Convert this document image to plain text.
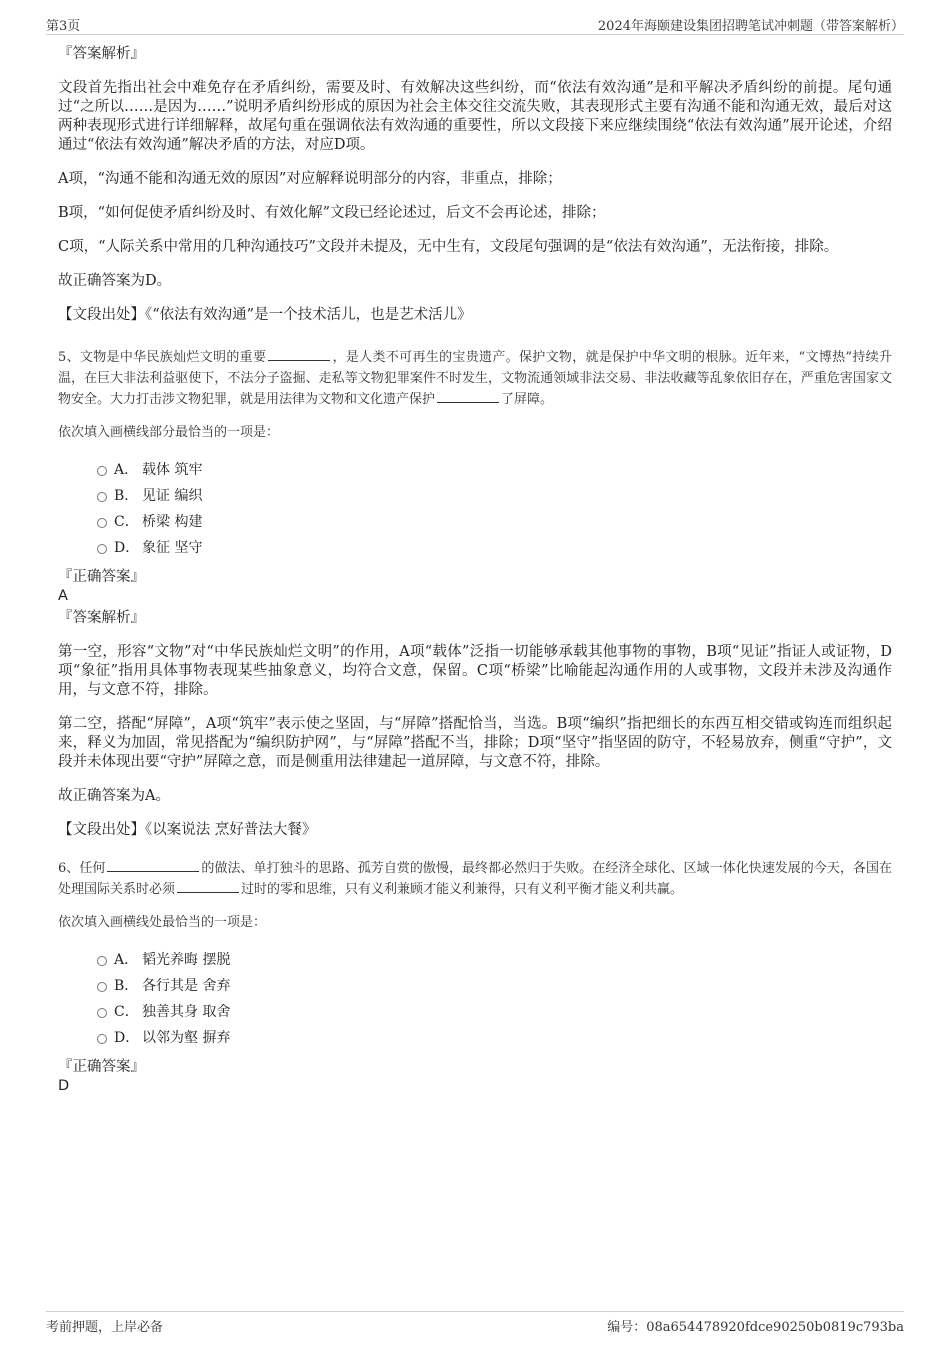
第3页	2024年海颐建设集团招聘笔试冲刺题（带答案解析）

『答案解析』

文段首先指出社会中难免存在矛盾纠纷，需要及时、有效解决这些纠纷，而“依法有效沟通”是和平解决矛盾纠纷的前提。尾句通过“之所以……是因为……”说明矛盾纠纷形成的原因为社会主体交往交流失败，其表现形式主要有沟通不能和沟通无效，最后对这两种表现形式进行详细解释，故尾句重在强调依法有效沟通的重要性，所以文段接下来应继续围绕“依法有效沟通”展开论述，介绍通过“依法有效沟通”解决矛盾的方法，对应D项。

A项，“沟通不能和沟通无效的原因”对应解释说明部分的内容，非重点，排除；

B项，“如何促使矛盾纠纷及时、有效化解”文段已经论述过，后文不会再论述，排除；

C项，“人际关系中常用的几种沟通技巧”文段并未提及，无中生有，文段尾句强调的是“依法有效沟通”，无法衔接，排除。

故正确答案为D。

【文段出处】《“依法有效沟通”是一个技术活儿，也是艺术活儿》

5、文物是中华民族灿烂文明的重要	，是人类不可再生的宝贵遗产。保护文物，就是保护中华文明的根脉。近年来，“文博热”持续升温，在巨大非法利益驱使下，不法分子盗掘、走私等文物犯罪案件不时发生，文物流通领域非法交易、非法收藏等乱象依旧存在，严重危害国家文物安全。大力打击涉文物犯罪，就是用法律为文物和文化遗产保护	了屏障。

依次填入画横线部分最恰当的一项是：

A． 载体 筑牢
B． 见证 编织
C． 桥梁 构建
D． 象征 坚守

『正确答案』

A

『答案解析』

第一空，形容“文物”对“中华民族灿烂文明”的作用，A项“载体”泛指一切能够承载其他事物的事物，B项“见证”指证人或证物，D项“象征”指用具体事物表现某些抽象意义，均符合文意，保留。C项“桥梁”比喻能起沟通作用的人或事物，文段并未涉及沟通作用，与文意不符，排除。

第二空，搭配“屏障”，A项“筑牢”表示使之坚固，与“屏障”搭配恰当，当选。B项“编织”指把细长的东西互相交错或钩连而组织起来，释义为加固，常见搭配为“编织防护网”，与“屏障”搭配不当，排除；D项“坚守”指坚固的防守，不轻易放弃，侧重“守护”，文段并未体现出要“守护”屏障之意，而是侧重用法律建起一道屏障，与文意不符，排除。

故正确答案为A。

【文段出处】《以案说法 烹好普法大餐》

6、任何	的做法、单打独斗的思路、孤芳自赏的傲慢，最终都必然归于失败。在经济全球化、区域一体化快速发展的今天，各国在处理国际关系时必须	过时的零和思维，只有义利兼顾才能义利兼得，只有义利平衡才能义利共赢。

依次填入画横线处最恰当的一项是：

A． 韬光养晦 摆脱
B． 各行其是 舍弃
C． 独善其身 取舍
D． 以邻为壑 摒弃

『正确答案』

D

考前押题，上岸必备	编号：08a654478920fdce90250b0819c793ba
